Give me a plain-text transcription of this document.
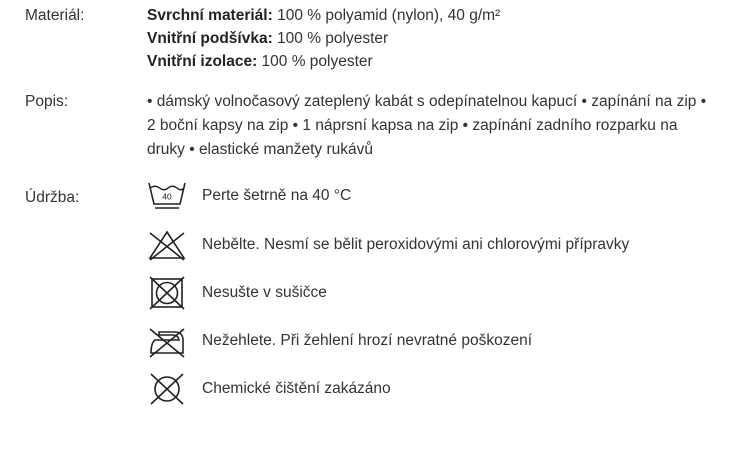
Materiál:	Svrchní materiál: 100 % polyamid (nylon), 40 g/m²
Vnitřní podšívka: 100 % polyester
Vnitřní izolace: 100 % polyester
Popis:	• dámský volnočasový zateplený kabát s odepínatelnou kapucí • zapínání na zip • 2 boční kapsy na zip • 1 náprsní kapsa na zip • zapínání zadního rozparku na druky • elastické manžety rukávů
Údržba:	40 Perte šetrně na 40 °C
Nebělte. Nesmí se bělit peroxidovými ani chlorovými přípravky
Nesušte v sušičce
Nežehlete. Při žehlení hrozí nevratné poškození
Chemické čištění zakázáno
